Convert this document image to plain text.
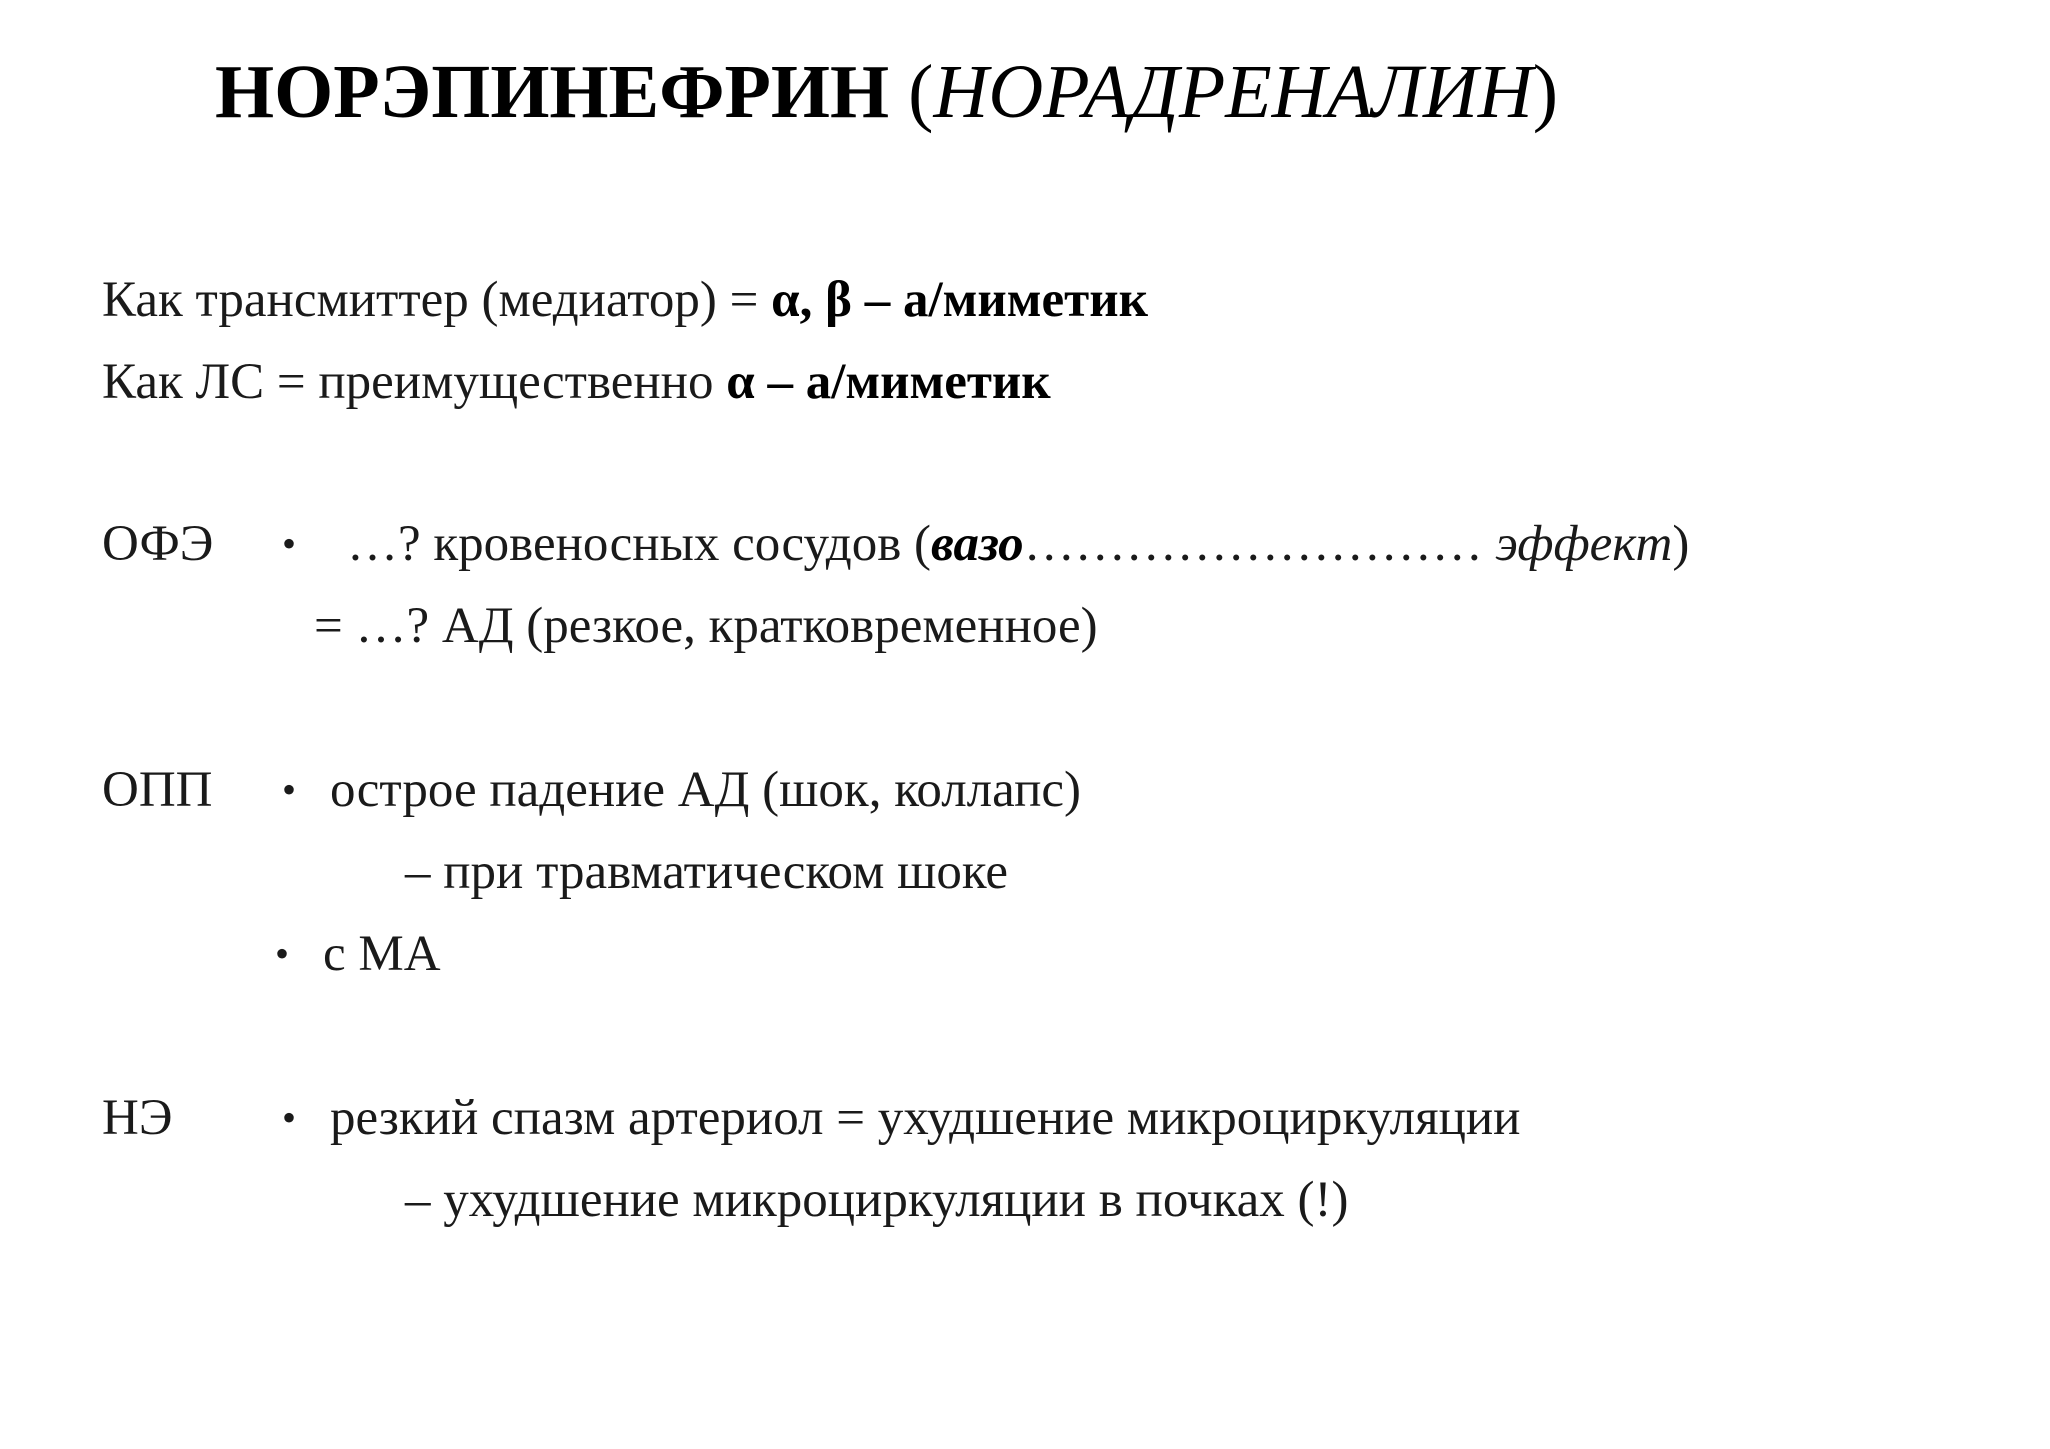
НОРЭПИНЕФРИН (НОРАДРЕНАЛИН)
Как трансмиттер (медиатор) = α, β – а/миметик
Как ЛС = преимущественно α – а/миметик
ОФЭ • …? кровеносных сосудов (вазо……………………… эффект)
= …? АД (резкое, кратковременное)
ОПП • острое падение АД (шок, коллапс)
– при травматическом шоке
• с МА
НЭ	• резкий спазм артериол = ухудшение микроциркуляции
– ухудшение микроциркуляции в почках (!)
